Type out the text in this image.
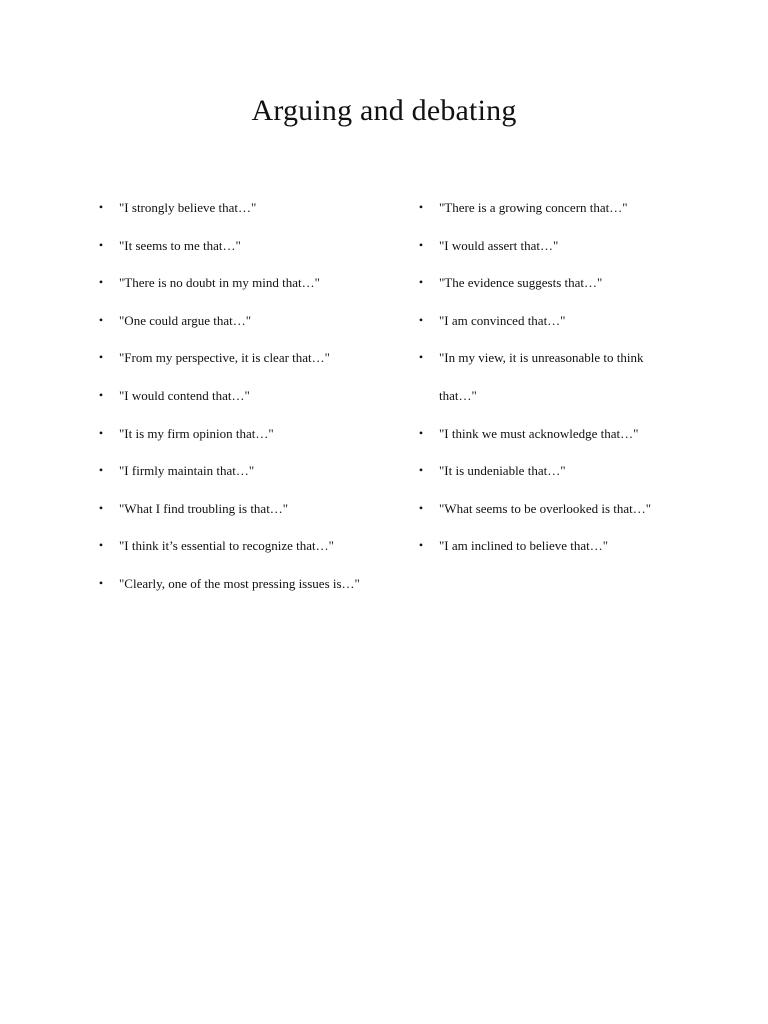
Arguing and debating
• "I strongly believe that…"
• "It seems to me that…"
• "There is no doubt in my mind that…"
• "One could argue that…"
• "From my perspective, it is clear that…"
• "I would contend that…"
• "It is my firm opinion that…"
• "I firmly maintain that…"
• "What I find troubling is that…"
• "I think it’s essential to recognize that…"
• "Clearly, one of the most pressing issues is…"
• "There is a growing concern that…"
• "I would assert that…"
• "The evidence suggests that…"
• "I am convinced that…"
• "In my view, it is unreasonable to think that…"
• "I think we must acknowledge that…"
• "It is undeniable that…"
• "What seems to be overlooked is that…"
• "I am inclined to believe that…"
